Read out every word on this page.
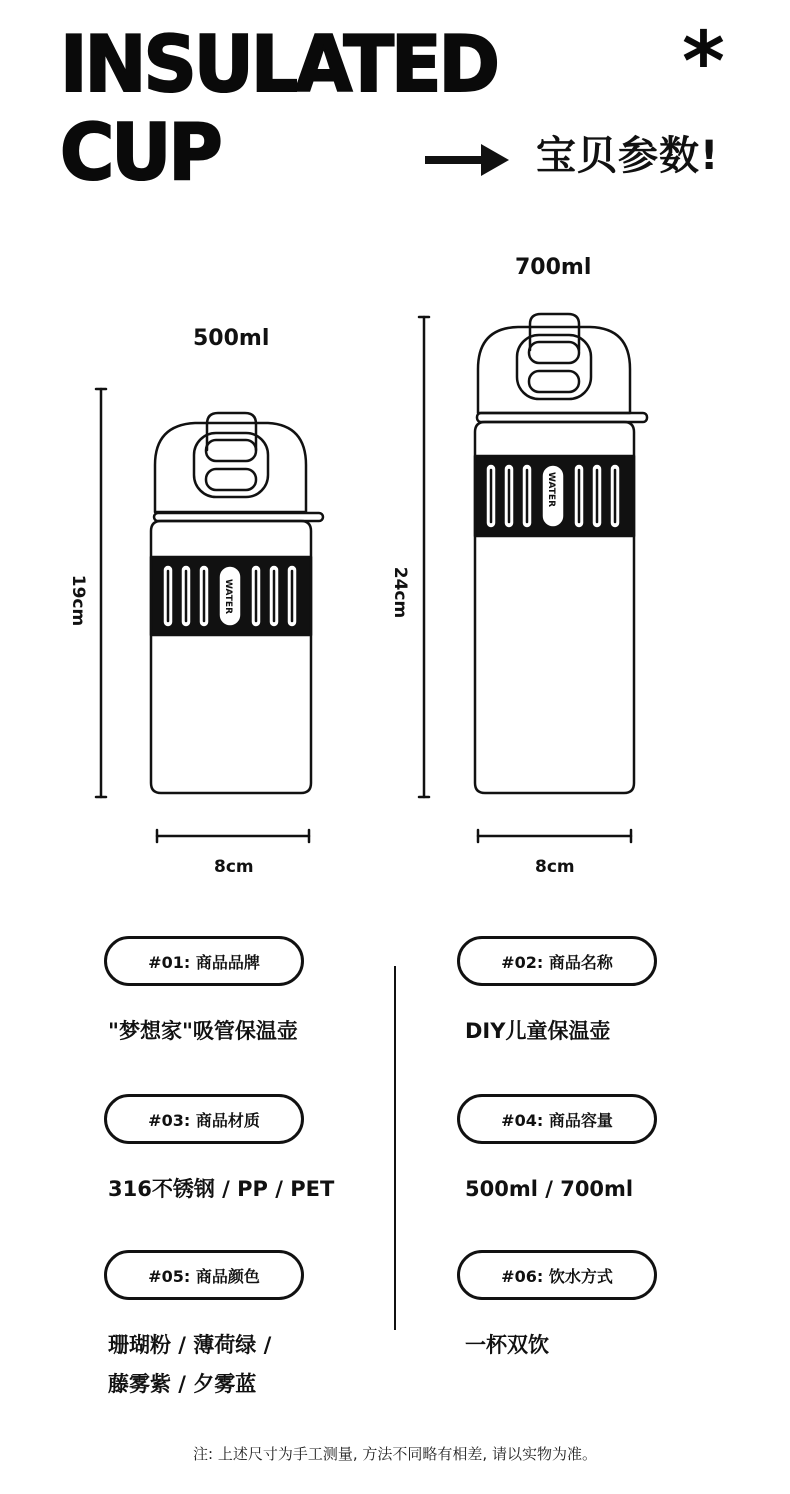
INSULATED
CUP
*
宝贝参数!
500ml
700ml
WATER
WATER
19cm	24cm
8cm	8cm
#01: 商品品牌
"梦想家"吸管保温壶
#02: 商品名称
DIY儿童保温壶
#03: 商品材质
316不锈钢 / PP / PET
#04: 商品容量
500ml / 700ml
#05: 商品颜色
珊瑚粉 / 薄荷绿 /
藤雾紫 / 夕雾蓝
#06: 饮水方式
一杯双饮
注: 上述尺寸为手工测量, 方法不同略有相差, 请以实物为准。
